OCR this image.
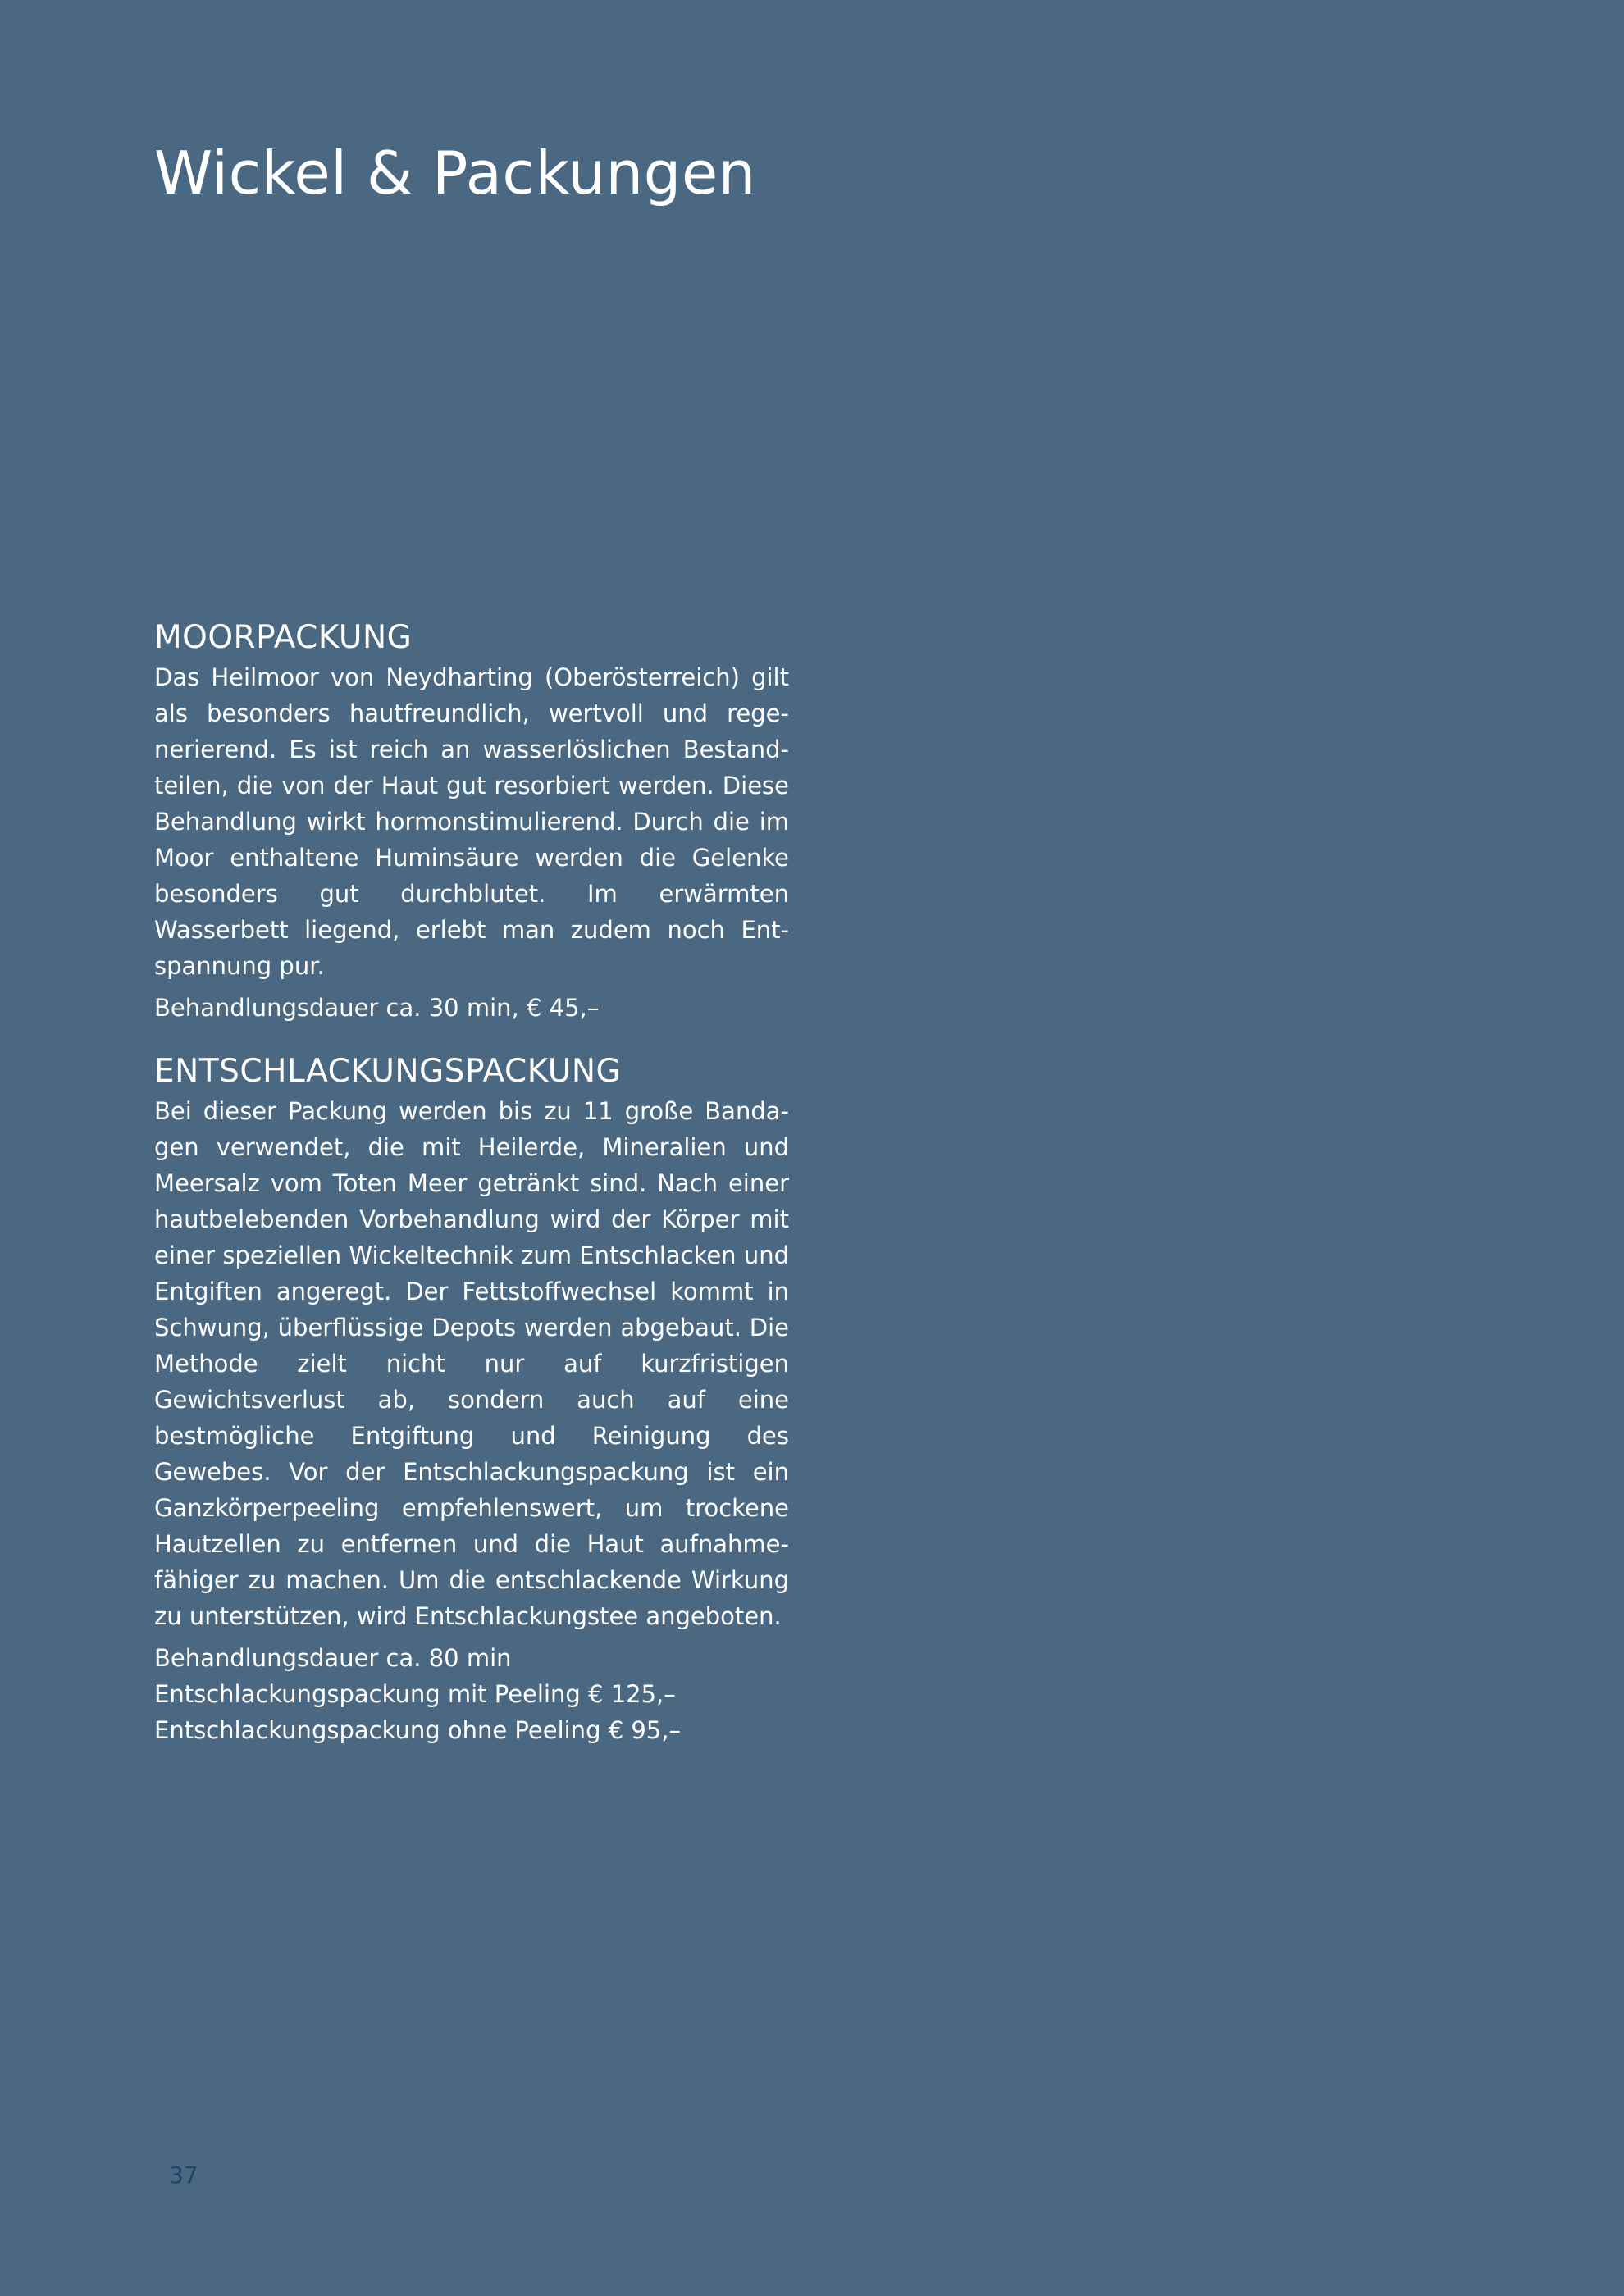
Wickel & Packungen
MOORPACKUNG

Das Heilmoor von Neydharting (Oberösterreich) gilt als besonders hautfreundlich, wertvoll und regenerierend. Es ist reich an wasserlöslichen Bestandteilen, die von der Haut gut resorbiert werden. Diese Behandlung wirkt hormonstimulierend. Durch die im Moor enthaltene Huminsäure werden die Gelenke besonders gut durchblutet. Im erwärmten Wasserbett liegend, erlebt man zudem noch Entspannung pur.

Behandlungsdauer ca. 30 min, € 45,–

ENTSCHLACKUNGSPACKUNG

Bei dieser Packung werden bis zu 11 große Bandagen verwendet, die mit Heilerde, Mineralien und Meersalz vom Toten Meer getränkt sind. Nach einer hautbelebenden Vorbehandlung wird der Körper mit einer speziellen Wickeltechnik zum Entschlacken und Entgiften angeregt. Der Fettstoffwechsel kommt in Schwung, überflüssige Depots werden abgebaut. Die Methode zielt nicht nur auf kurzfristigen Gewichtsverlust ab, sondern auch auf eine bestmögliche Entgiftung und Reinigung des Gewebes. Vor der Entschlackungspackung ist ein Ganzkörperpeeling empfehlenswert, um trockene Hautzellen zu entfernen und die Haut aufnahmefähiger zu machen. Um die entschlackende Wirkung zu unterstützen, wird Entschlackungstee angeboten.

Behandlungsdauer ca. 80 min

Entschlackungspackung mit Peeling € 125,–

Entschlackungspackung ohne Peeling € 95,–

37
